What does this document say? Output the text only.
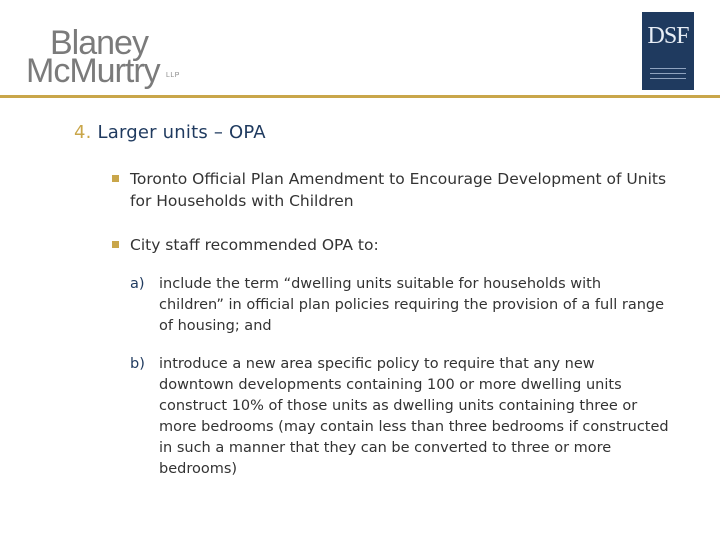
Blaney
McMurtry LLP
DSF
4. Larger units – OPA
Toronto Official Plan Amendment to Encourage Development of Units for Households with Children
City staff recommended OPA to:
a) include the term “dwelling units suitable for households with children” in official plan policies requiring the provision of a full range of housing; and
b) introduce a new area specific policy to require that any new downtown developments containing 100 or more dwelling units construct 10% of those units as dwelling units containing three or more bedrooms (may contain less than three bedrooms if constructed in such a manner that they can be converted to three or more bedrooms)
